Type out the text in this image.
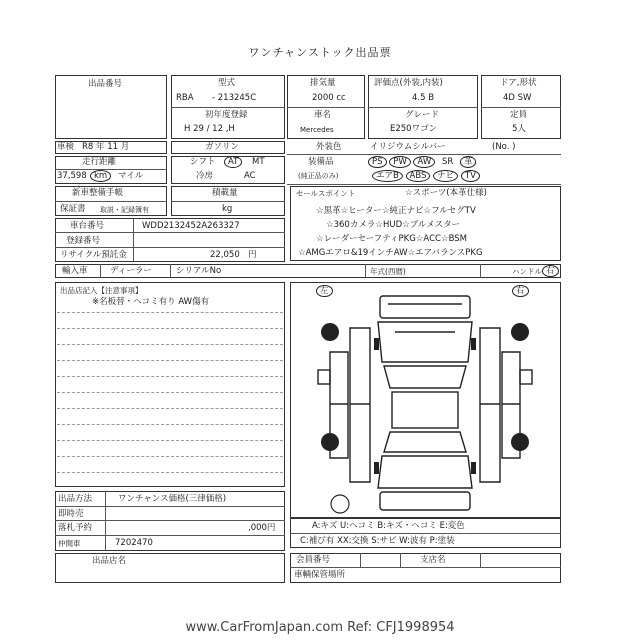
ワンチャンストック出品票
出品番号	型式
RBA - 213245C
初年度登録
H 29 / 12 ,H
排気量
2000 cc
車名
Mercedes
評価点(外装,内装)
4.5 B
グレード
E250ワゴン
ドア,形状
4D SW
定員
5人
車検 R8 年 11 月	ガソリン	外装色	イリジウムシルバー	(No. )
走行距離
37,598 km	マイル
シフト	AT	MT
冷房	AC
装備品
(純正品のみ)
PS PW AW SR 革
エアB ABS ナビ TV
新車整備手帳
保証書 取説・記録簿有
積載量
kg
セールスポイント	☆スポーツ(本革仕様)
☆黒革☆ヒーター☆純正ナビ☆フルセグTV
☆360カメラ☆HUD☆ブルメスター
☆レーダーセーフティPKG☆ACC☆BSM
☆AMGエアロ&19インチAW☆エアバランスPKG
車台番号	WDD2132452A263327
登録番号
リサイクル預託金	22,050 円
輸入車	ディーラー	シリアルNo	年式(西暦)	ハンドル 右
出品店記入【注意事項】
※名板替・ヘコミ有り AW傷有
左	右
A:キズ U:ヘコミ B:キズ・ヘコミ E:変色
C:補び有 XX:交換 S:サビ W:波有 P:塗装
出品方法	ワンチャンス価格(三律価格)
即時売
落札予約	,000円
仲間車	7202470
出品店名	会員番号	支店名
車輌保管場所
www.CarFromJapan.com Ref: CFJ1998954
